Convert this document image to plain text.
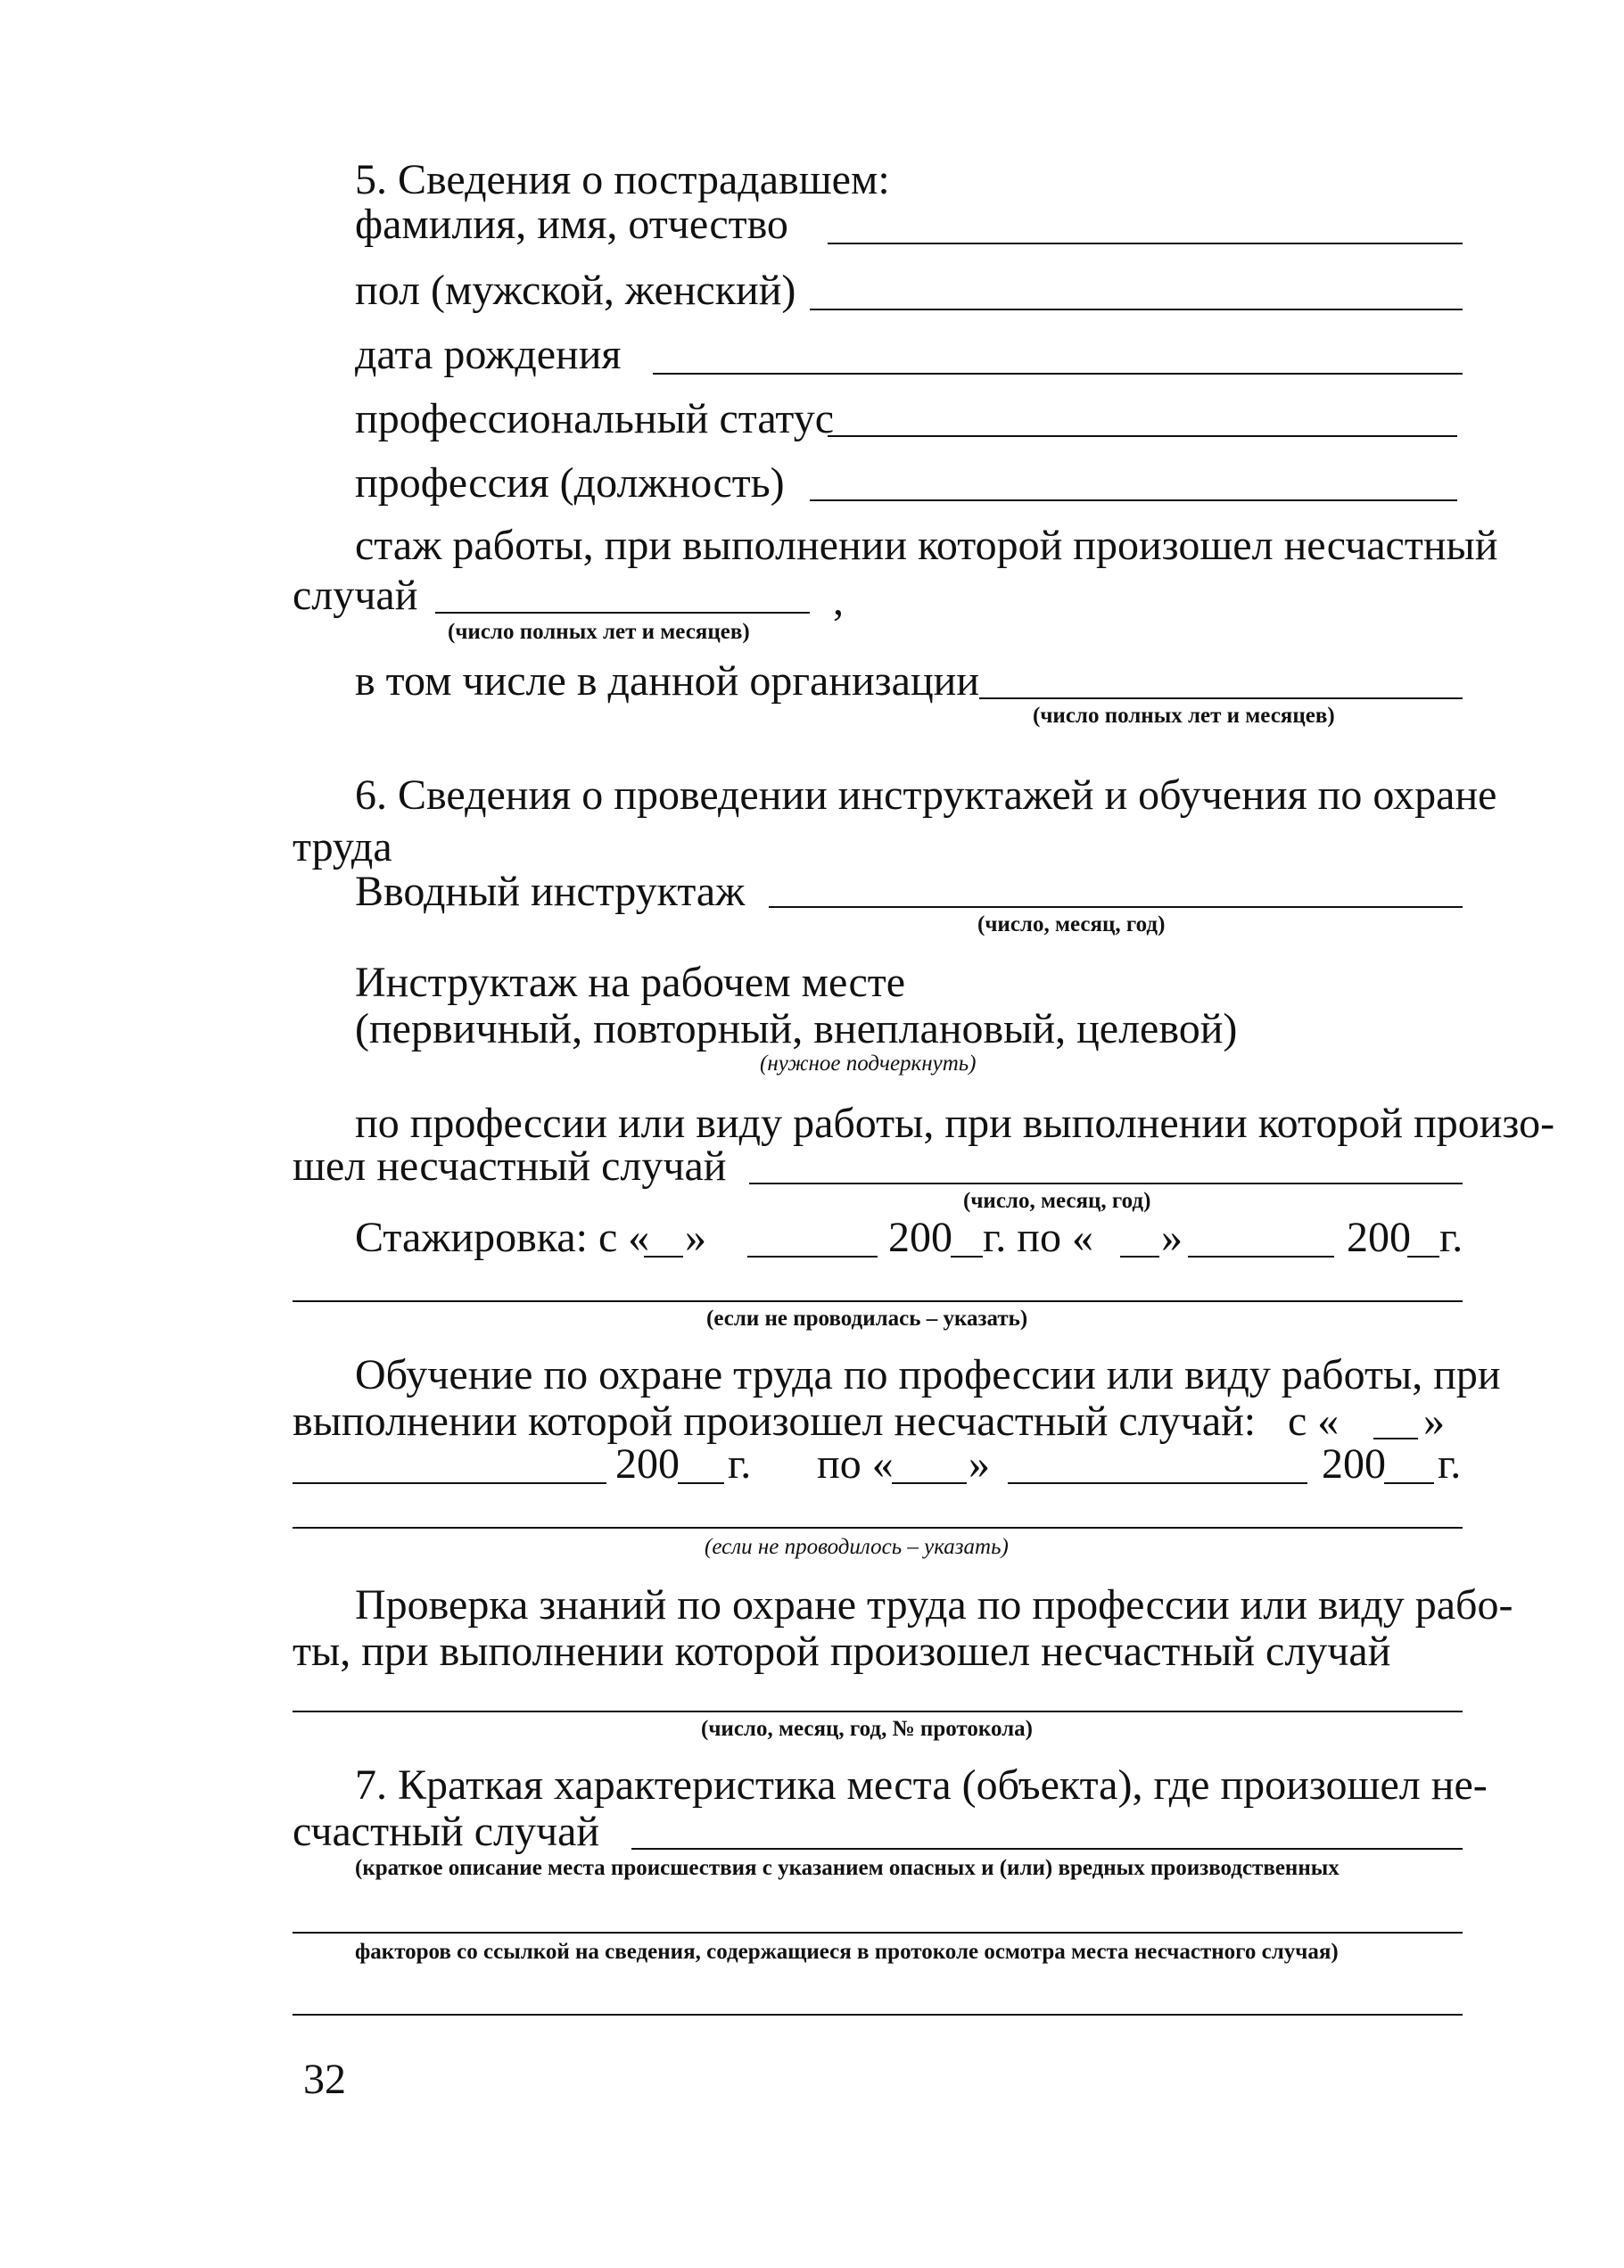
5. Сведения о пострадавшем:
фамилия, имя, отчество
пол (мужской, женский)
дата рождения
профессиональный статус
профессия (должность)
стаж работы, при выполнении которой произошел несчастный
случай	,
(число полных лет и месяцев)
в том числе в данной организации
(число полных лет и месяцев)
6. Сведения о проведении инструктажей и обучения по охране
труда
Вводный инструктаж
(число, месяц, год)
Инструктаж на рабочем месте
(первичный, повторный, внеплановый, целевой)
(нужное подчеркнуть)
по профессии или виду работы, при выполнении которой произо-
шел несчастный случай
(число, месяц, год)
Стажировка: с « »	200 г. по « »	200 г.
(если не проводилась – указать)
Обучение по охране труда по профессии или виду работы, при
выполнении которой произошел несчастный случай: с « »
200 г. по « »	200 г.
(если не проводилось – указать)
Проверка знаний по охране труда по профессии или виду рабо-
ты, при выполнении которой произошел несчастный случай
(число, месяц, год, № протокола)
7. Краткая характеристика места (объекта), где произошел не-
счастный случай
(краткое описание места происшествия с указанием опасных и (или) вредных производственных
факторов со ссылкой на сведения, содержащиеся в протоколе осмотра места несчастного случая)
32
